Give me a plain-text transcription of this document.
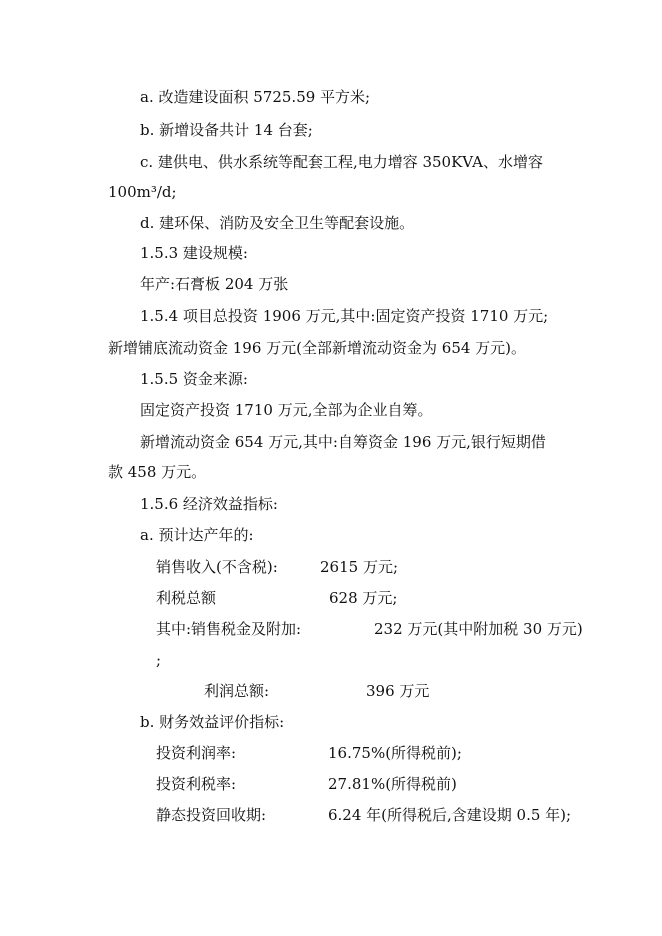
a. 改造建设面积 5725.59 平方米;
b. 新增设备共计 14 台套;
c. 建供电、供水系统等配套工程,电力增容 350KVA、水增容
100m³/d;
d. 建环保、消防及安全卫生等配套设施。
1.5.3 建设规模:
年产:石膏板 204 万张
1.5.4 项目总投资 1906 万元,其中:固定资产投资 1710 万元;
新增铺底流动资金 196 万元(全部新增流动资金为 654 万元)。
1.5.5 资金来源:
固定资产投资 1710 万元,全部为企业自筹。
新增流动资金 654 万元,其中:自筹资金 196 万元,银行短期借
款 458 万元。
1.5.6 经济效益指标:
a. 预计达产年的:
销售收入(不含税):	2615 万元;
利税总额	628 万元;
其中:销售税金及附加:	232 万元(其中附加税 30 万元)
;
利润总额:	396 万元
b. 财务效益评价指标:
投资利润率:	16.75%(所得税前);
投资利税率:	27.81%(所得税前)
静态投资回收期:	6.24 年(所得税后,含建设期 0.5 年);
